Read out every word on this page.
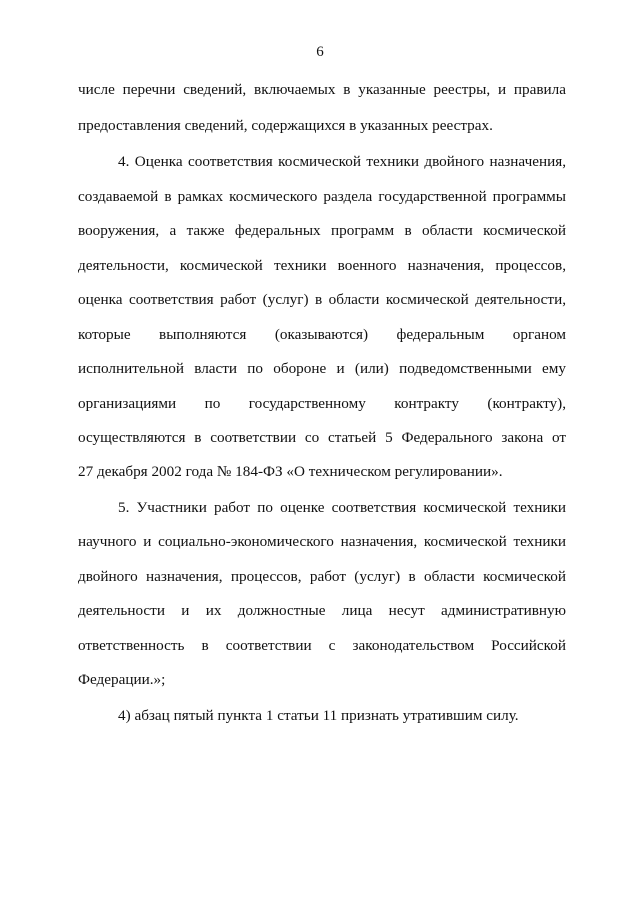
6
числе перечни сведений, включаемых в указанные реестры, и правила
предоставления сведений, содержащихся в указанных реестрах.
4. Оценка соответствия космической техники двойного назначения,
создаваемой в рамках космического раздела государственной программы
вооружения, а также федеральных программ в области космической
деятельности, космической техники военного назначения, процессов,
оценка соответствия работ (услуг) в области космической деятельности,
которые выполняются (оказываются) федеральным органом
исполнительной власти по обороне и (или) подведомственными ему
организациями по государственному контракту (контракту),
осуществляются в соответствии со статьей 5 Федерального закона от
27 декабря 2002 года № 184-ФЗ «О техническом регулировании».
5. Участники работ по оценке соответствия космической техники
научного и социально-экономического назначения, космической техники
двойного назначения, процессов, работ (услуг) в области космической
деятельности и их должностные лица несут административную
ответственность в соответствии с законодательством Российской
Федерации.»;
4) абзац пятый пункта 1 статьи 11 признать утратившим силу.
